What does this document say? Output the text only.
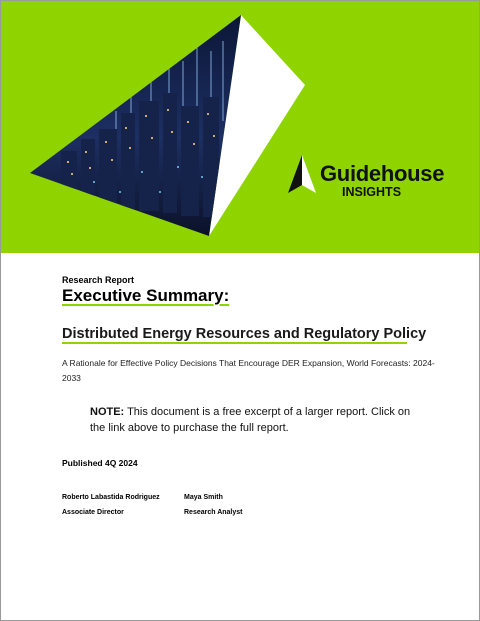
Guidehouse
INSIGHTS
Research Report
Executive Summary:
Distributed Energy Resources and Regulatory Policy
A Rationale for Effective Policy Decisions That Encourage DER Expansion, World Forecasts: 2024-2033
NOTE: This document is a free excerpt of a larger report. Click on the link above to purchase the full report.
Published 4Q 2024
Roberto Labastida Rodriguez	Maya Smith
Associate Director	Research Analyst
